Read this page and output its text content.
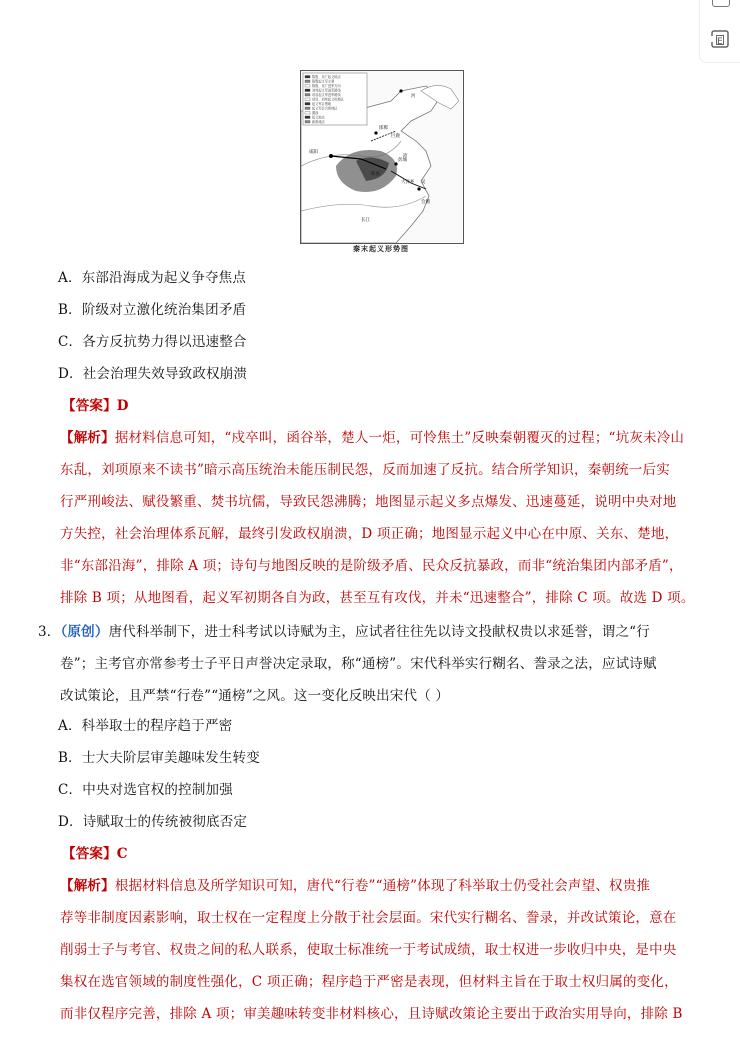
E
陈胜、吴广起义地点
陈胜起义军主要
陈胜、吴广进军方向
刘邦起义军进军路线
项羽起义军进军路线
项羽、刘邦起义的地区
起义军合围地
起义军会合的地区
激战
起义地点
新都城点
咸阳
彭城
陈县
大泽乡
会稽
邯郸
巨鹿
沛
吴
河
长江
秦末起义形势图
A．东部沿海成为起义争夺焦点
B．阶级对立激化统治集团矛盾
C．各方反抗势力得以迅速整合
D．社会治理失效导致政权崩溃
【答案】D
【解析】据材料信息可知，“戍卒叫，函谷举，楚人一炬，可怜焦土”反映秦朝覆灭的过程；“坑灰未冷山
东乱，刘项原来不读书”暗示高压统治未能压制民怨，反而加速了反抗。结合所学知识，秦朝统一后实
行严刑峻法、赋役繁重、焚书坑儒，导致民怨沸腾；地图显示起义多点爆发、迅速蔓延，说明中央对地
方失控，社会治理体系瓦解，最终引发政权崩溃，D 项正确；地图显示起义中心在中原、关东、楚地，
非“东部沿海”，排除 A 项；诗句与地图反映的是阶级矛盾、民众反抗暴政，而非“统治集团内部矛盾”，
排除 B 项；从地图看，起义军初期各自为政，甚至互有攻伐，并未“迅速整合”，排除 C 项。故选 D 项。
3．（原创）唐代科举制下，进士科考试以诗赋为主，应试者往往先以诗文投献权贵以求延誉，谓之“行
卷”；主考官亦常参考士子平日声誉决定录取，称“通榜”。宋代科举实行糊名、誊录之法，应试诗赋
改试策论，且严禁“行卷”“通榜”之风。这一变化反映出宋代（ ）
A．科举取士的程序趋于严密
B．士大夫阶层审美趣味发生转变
C．中央对选官权的控制加强
D．诗赋取士的传统被彻底否定
【答案】C
【解析】根据材料信息及所学知识可知，唐代“行卷”“通榜”体现了科举取士仍受社会声望、权贵推
荐等非制度因素影响，取士权在一定程度上分散于社会层面。宋代实行糊名、誊录，并改试策论，意在
削弱士子与考官、权贵之间的私人联系，使取士标准统一于考试成绩，取士权进一步收归中央，是中央
集权在选官领域的制度性强化，C 项正确；程序趋于严密是表现，但材料主旨在于取士权归属的变化，
而非仅程序完善，排除 A 项；审美趣味转变非材料核心，且诗赋改策论主要出于政治实用导向，排除 B
